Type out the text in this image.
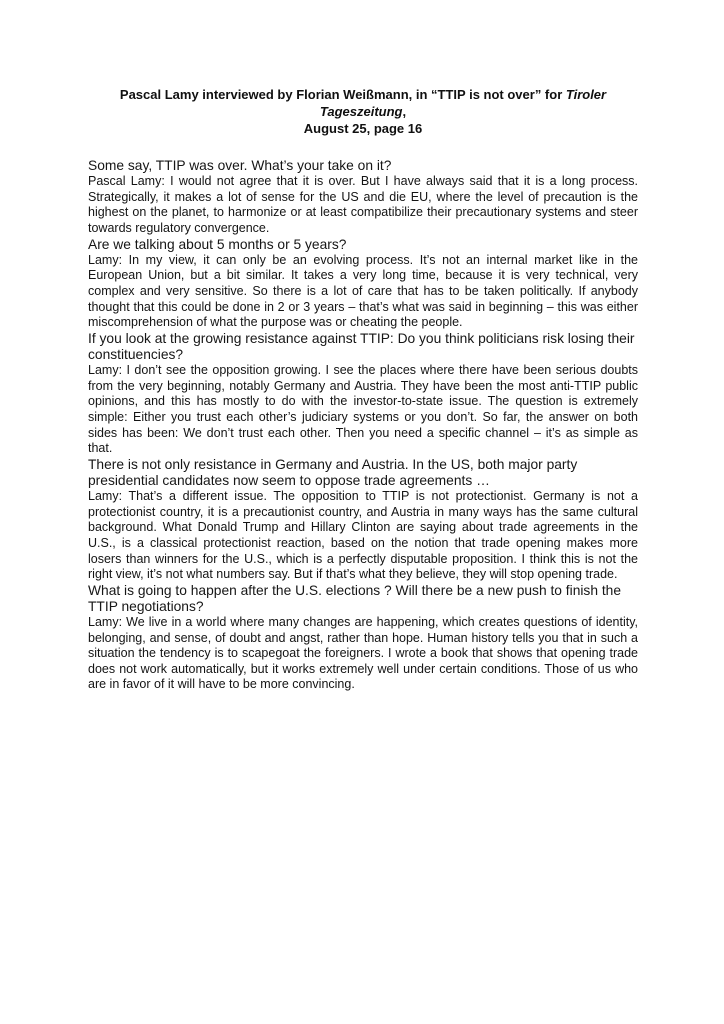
Pascal Lamy interviewed by Florian Weißmann, in “TTIP is not over” for Tiroler Tageszeitung,
August 25, page 16

Some say, TTIP was over. What’s your take on it?

Pascal Lamy: I would not agree that it is over. But I have always said that it is a long process. Strategically, it makes a lot of sense for the US and die EU, where the level of precaution is the highest on the planet, to harmonize or at least compatibilize their precautionary systems and steer towards regulatory convergence.

Are we talking about 5 months or 5 years?

Lamy: In my view, it can only be an evolving process. It’s not an internal market like in the European Union, but a bit similar. It takes a very long time, because it is very technical, very complex and very sensitive. So there is a lot of care that has to be taken politically. If anybody thought that this could be done in 2 or 3 years – that’s what was said in beginning – this was either miscomprehension of what the purpose was or cheating the people.

If you look at the growing resistance against TTIP: Do you think politicians risk losing their constituencies?

Lamy: I don’t see the opposition growing. I see the places where there have been serious doubts from the very beginning, notably Germany and Austria. They have been the most anti-TTIP public opinions, and this has mostly to do with the investor-to-state issue. The question is extremely simple: Either you trust each other’s judiciary systems or you don’t. So far, the answer on both sides has been: We don’t trust each other. Then you need a specific channel – it’s as simple as that.

There is not only resistance in Germany and Austria. In the US, both major party presidential candidates now seem to oppose trade agreements …

Lamy: That’s a different issue. The opposition to TTIP is not protectionist. Germany is not a protectionist country, it is a precautionist country, and Austria in many ways has the same cultural background. What Donald Trump and Hillary Clinton are saying about trade agreements in the U.S., is a classical protectionist reaction, based on the notion that trade opening makes more losers than winners for the U.S., which is a perfectly disputable proposition. I think this is not the right view, it’s not what numbers say. But if that’s what they believe, they will stop opening trade.

What is going to happen after the U.S. elections ? Will there be a new push to finish the TTIP negotiations?

Lamy: We live in a world where many changes are happening, which creates questions of identity, belonging, and sense, of doubt and angst, rather than hope. Human history tells you that in such a situation the tendency is to scapegoat the foreigners. I wrote a book that shows that opening trade does not work automatically, but it works extremely well under certain conditions. Those of us who are in favor of it will have to be more convincing.
